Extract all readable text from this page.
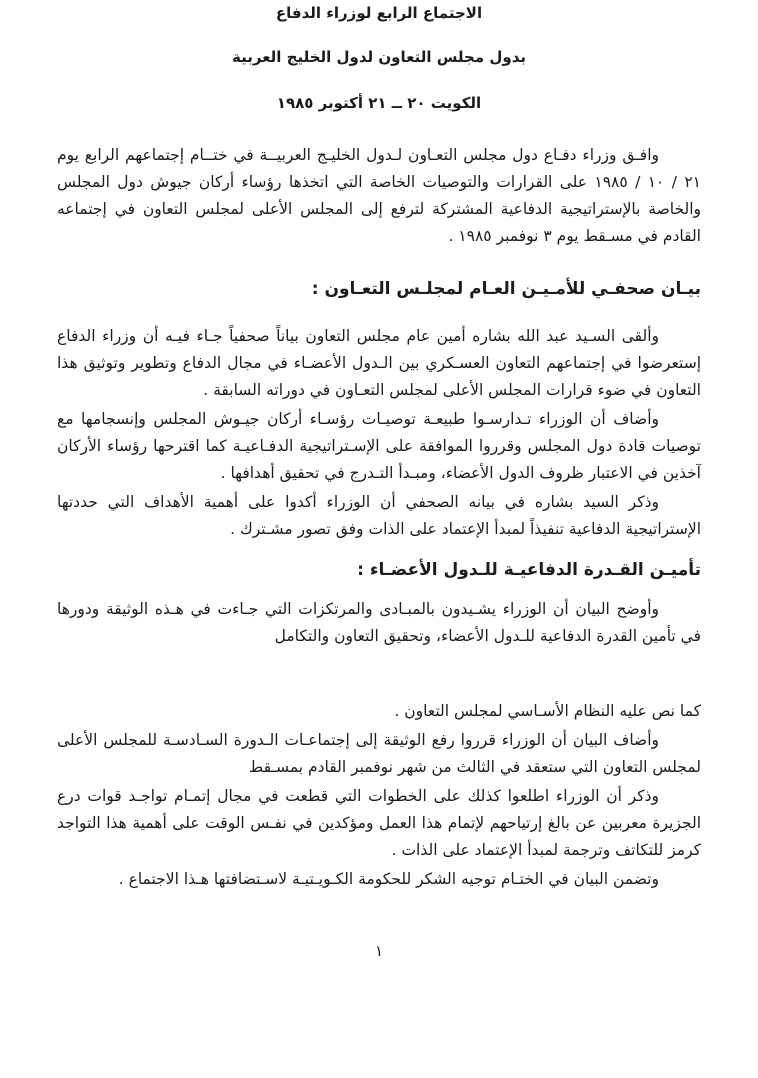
الاجتماع الرابع لوزراء الدفاع
بدول مجلس التعاون لدول الخليج العربية
الكويت ٢٠ ــ ٢١ أكتوبر ١٩٨٥

وافـق وزراء دفـاع دول مجلس التعـاون لـدول الخليـج العربيــة في ختــام إجتماعهم الرابع يوم ٢١ / ١٠ / ١٩٨٥ على القرارات والتوصيات الخاصة التي اتخذها رؤساء أركان جيوش دول المجلس والخاصة بالإستراتيجية الدفاعية المشتركة لترفع إلى المجلس الأعلى لمجلس التعاون في إجتماعه القادم في مسـقط يوم ٣ نوفمبر ١٩٨٥ .

بيـان صحفـي للأمـيـن العـام لمجلـس التعـاون :

وألقى السـيد عبد الله بشاره أمين عام مجلس التعاون بياناً صحفياً جـاء فيـه أن وزراء الدفاع إستعرضوا في إجتماعهم التعاون العسـكري بين الـدول الأعضـاء في مجال الدفاع وتطوير وتوثيق هذا التعاون في ضوء قرارات المجلس الأعلى لمجلس التعـاون في دوراته السابقة .

وأضاف أن الوزراء تـدارسـوا طبيعـة توصيـات رؤسـاء أركان جيـوش المجلس وإنسجامها مع توصيات قادة دول المجلس وقرروا الموافقة على الإسـتراتيجية الدفـاعيـة كما اقترحها رؤساء الأركان آخذين في الاعتبار ظروف الدول الأعضاء، ومبـدأ التـدرج في تحقيق أهدافها .

وذكر السيد بشاره في بيانه الصحفي أن الوزراء أكدوا على أهمية الأهداف التي حددتها الإستراتيجية الدفاعية تنفيذاً لمبدأ الإعتماد على الذات وفق تصور مشـترك .

تأميـن القـدرة الدفاعيـة للـدول الأعضـاء :

وأوضح البيان أن الوزراء يشـيدون بالمبـادى والمرتكزات التي جـاءت في هـذه الوثيقة ودورها في تأمين القدرة الدفاعية للـدول الأعضاء، وتحقيق التعاون والتكامل

كما نص عليه النظام الأسـاسي لمجلس التعاون .

وأضاف البيان أن الوزراء قرروا رفع الوثيقة إلى إجتماعـات الـدورة السـادسـة للمجلس الأعلى لمجلس التعاون التي ستعقد في الثالث من شهر نوفمبر القادم بمسـقط

وذكر أن الوزراء اطلعوا كذلك على الخطوات التي قطعت في مجال إتمـام تواجـد قوات درع الجزيرة معربين عن بالغ إرتياحهم لإتمام هذا العمل ومؤكدين في نفـس الوقت على أهمية هذا التواجد كرمز للتكاتف وترجمة لمبدأ الإعتماد على الذات .

وتضمن البيان في الختـام توجيه الشكر للحكومة الكـويـتيـة لاسـتضافتها هـذا الاجتماع .

١
